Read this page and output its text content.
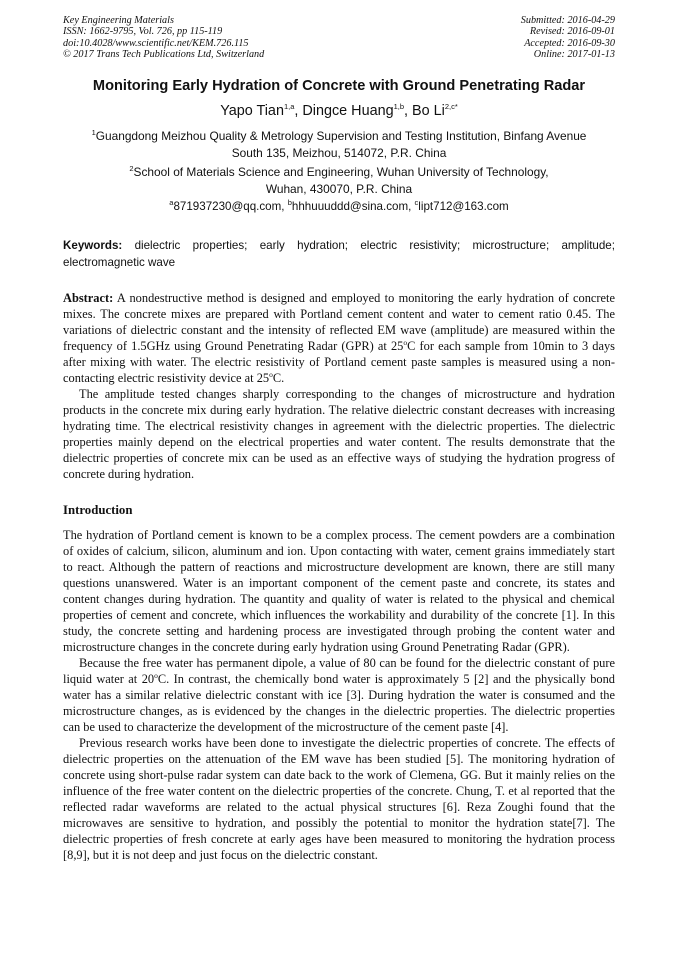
Key Engineering Materials
ISSN: 1662-9795, Vol. 726, pp 115-119
doi:10.4028/www.scientific.net/KEM.726.115
© 2017 Trans Tech Publications Ltd, Switzerland
Submitted: 2016-04-29
Revised: 2016-09-01
Accepted: 2016-09-30
Online: 2017-01-13
Monitoring Early Hydration of Concrete with Ground Penetrating Radar
Yapo Tian$^{1,a}$, Dingce Huang$^{1,b}$, Bo $Li^{2,c*}$
$^1$Guangdong Meizhou Quality & Metrology Supervision and Testing Institution, Binfang Avenue
South 135, Meizhou, 514072, P.R. China
$^2$School of Materials Science and Engineering, Wuhan University of Technology,
Wuhan, 430070, P.R. China
$^a$871937230@qq.com, $^b$hhhuuuddd@sina.com, $^c$lipt712@163.com
Keywords: dielectric properties; early hydration; electric resistivity; microstructure; amplitude; electromagnetic wave

Abstract: A nondestructive method is designed and employed to monitoring the early hydration of concrete mixes. The concrete mixes are prepared with Portland cement content and water to cement ratio 0.45. The variations of dielectric constant and the intensity of reflected EM wave (amplitude) are measured within the frequency of 1.5GHz using Ground Penetrating Radar (GPR) at 25$^o$C for each sample from 10min to 3 days after mixing with water. The electric resistivity of Portland cement paste samples is measured using a non-contacting electric resistivity device at 25$^o$C.

The amplitude tested changes sharply corresponding to the changes of microstructure and hydration products in the concrete mix during early hydration. The relative dielectric constant decreases with increasing hydrating time. The electrical resistivity changes in agreement with the dielectric properties. The dielectric properties mainly depend on the electrical properties and water content. The results demonstrate that the dielectric properties of concrete mix can be used as an effective ways of studying the hydration progress of concrete during hydration.

Introduction

The hydration of Portland cement is known to be a complex process. The cement powders are a combination of oxides of calcium, silicon, aluminum and ion. Upon contacting with water, cement grains immediately start to react. Although the pattern of reactions and microstructure development are known, there are still many questions unanswered. Water is an important component of the cement paste and concrete, its states and content changes during hydration. The quantity and quality of water is related to the physical and chemical properties of cement and concrete, which influences the workability and durability of the concrete [1]. In this study, the concrete setting and hardening process are investigated through probing the content water and microstructure changes in the concrete during early hydration using Ground Penetrating Radar (GPR).

Because the free water has permanent dipole, a value of 80 can be found for the dielectric constant of pure liquid water at 20$^o$C. In contrast, the chemically bond water is approximately 5 [2] and the physically bond water has a similar relative dielectric constant with ice [3]. During hydration the water is consumed and the microstructure changes, as is evidenced by the changes in the dielectric properties. The dielectric properties can be used to characterize the development of the microstructure of the cement paste [4].

Previous research works have been done to investigate the dielectric properties of concrete. The effects of dielectric properties on the attenuation of the EM wave has been studied [5]. The monitoring hydration of concrete using short-pulse radar system can date back to the work of Clemena, GG. But it mainly relies on the influence of the free water content on the dielectric properties of the concrete. Chung, T. et al reported that the reflected radar waveforms are related to the actual physical structures [6]. Reza Zoughi found that the microwaves are sensitive to hydration, and possibly the potential to monitor the hydration state[7]. The dielectric properties of fresh concrete at early ages have been measured to monitoring the hydration process [8,9], but it is not deep and just focus on the dielectric constant.
